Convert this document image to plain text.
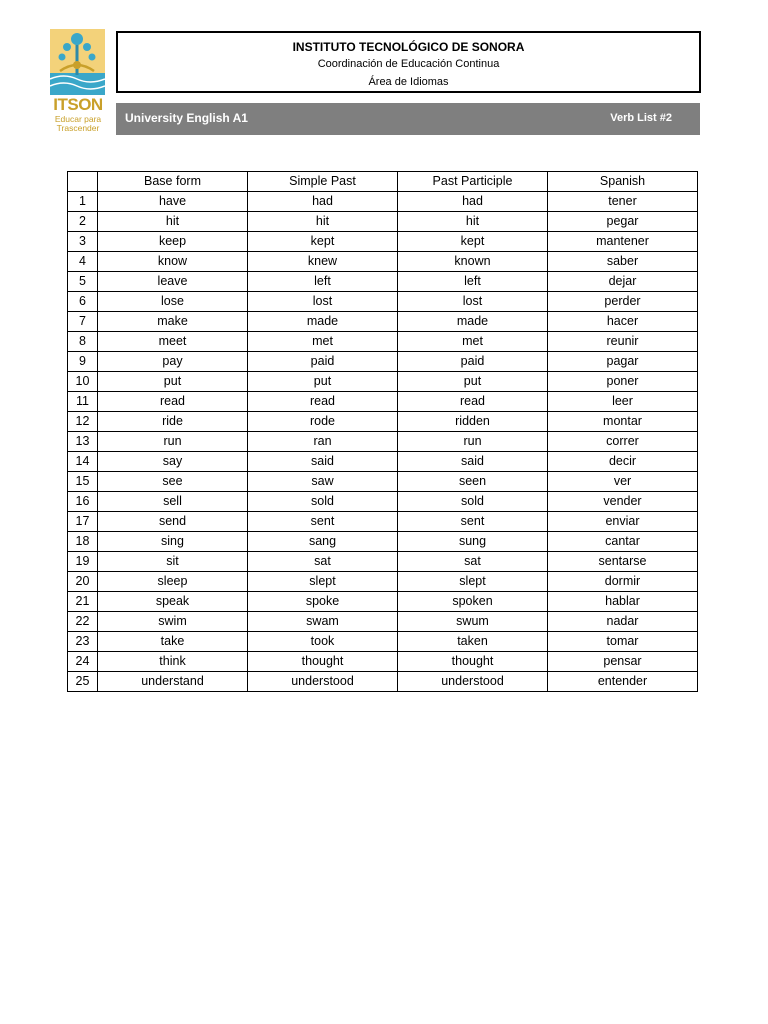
ITSON
Educar para
Trascender
INSTITUTO TECNOLÓGICO DE SONORA
Coordinación de Educación Continua
Área de Idiomas
University English A1	Verb List #2
	Base form	Simple Past	Past Participle	Spanish
1	have	had	had	tener
2	hit	hit	hit	pegar
3	keep	kept	kept	mantener
4	know	knew	known	saber
5	leave	left	left	dejar
6	lose	lost	lost	perder
7	make	made	made	hacer
8	meet	met	met	reunir
9	pay	paid	paid	pagar
10	put	put	put	poner
11	read	read	read	leer
12	ride	rode	ridden	montar
13	run	ran	run	correr
14	say	said	said	decir
15	see	saw	seen	ver
16	sell	sold	sold	vender
17	send	sent	sent	enviar
18	sing	sang	sung	cantar
19	sit	sat	sat	sentarse
20	sleep	slept	slept	dormir
21	speak	spoke	spoken	hablar
22	swim	swam	swum	nadar
23	take	took	taken	tomar
24	think	thought	thought	pensar
25	understand	understood	understood	entender
